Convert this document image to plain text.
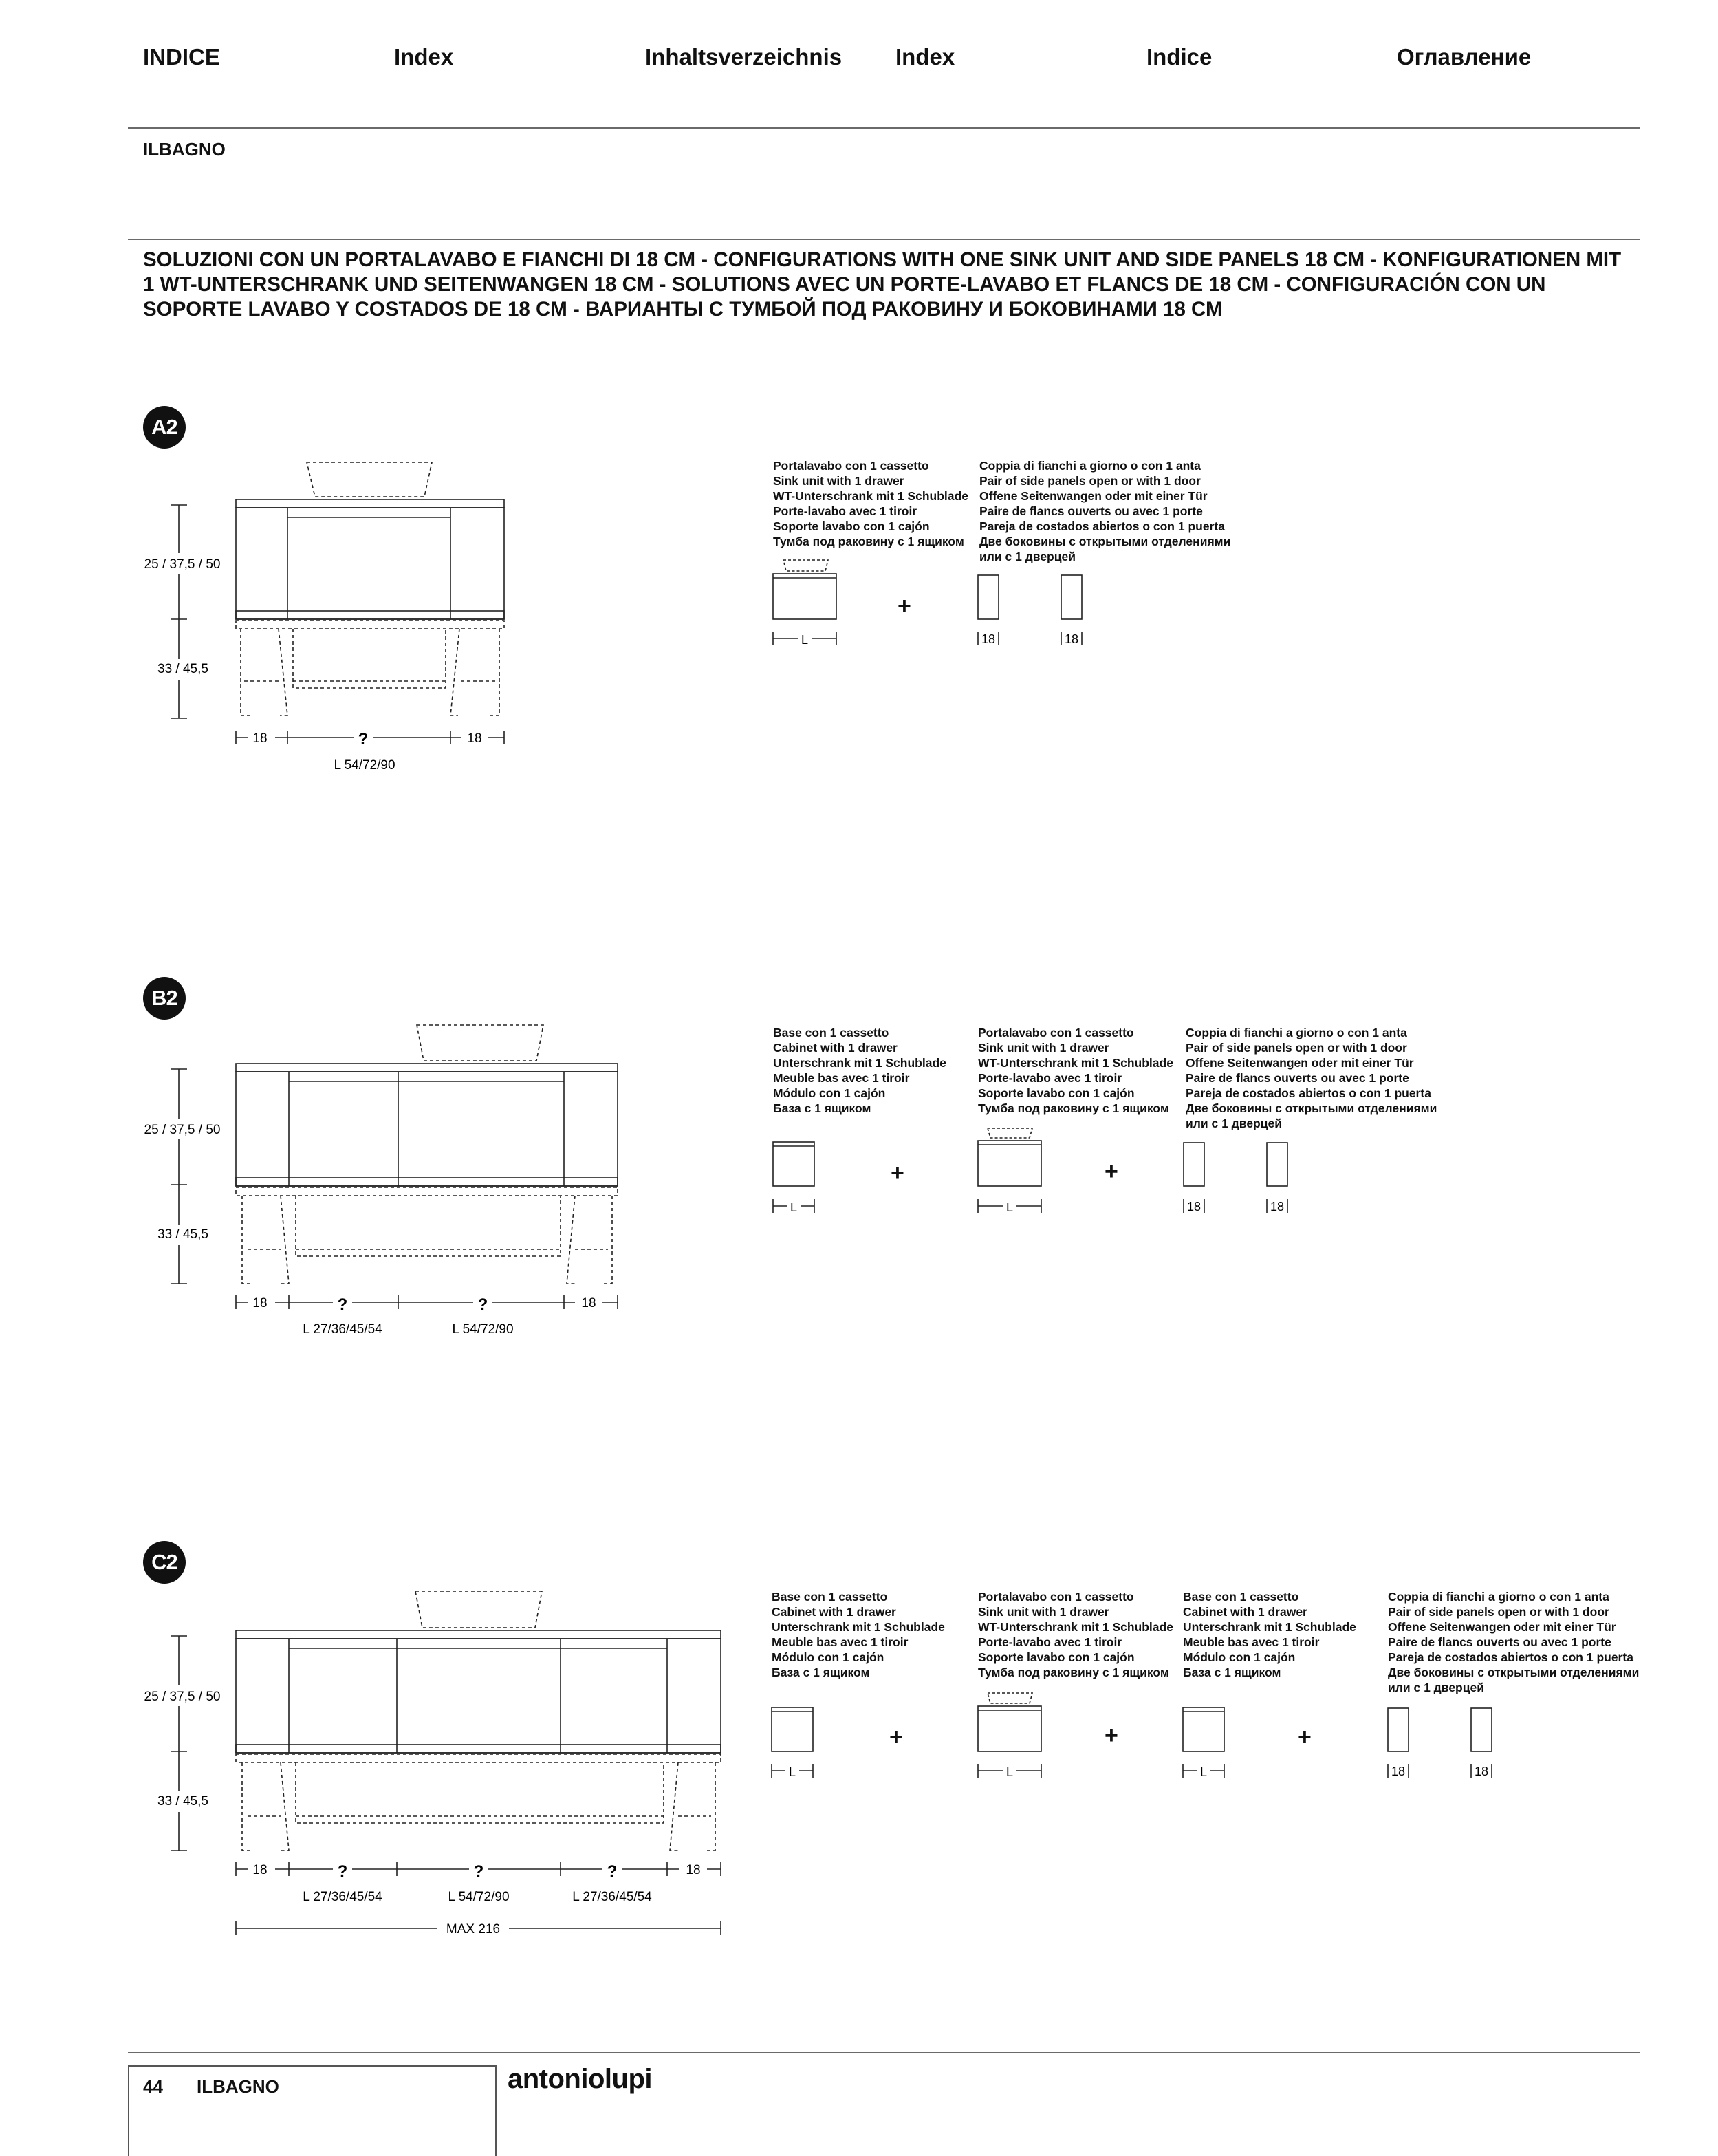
INDICE	Index	Inhaltsverzeichnis Index	Indice	Оглавление
ILBAGNO
SOLUZIONI CON UN PORTALAVABO E FIANCHI DI 18 CM - CONFIGURATIONS WITH ONE SINK UNIT AND SIDE PANELS 18 CM - KONFIGURATIONEN MIT 1 WT-UNTERSCHRANK UND SEITENWANGEN 18 CM - SOLUTIONS AVEC UN PORTE-LAVABO ET FLANCS DE 18 CM - CONFIGURACIÓN CON UN SOPORTE LAVABO Y COSTADOS DE 18 CM - ВАРИАНТЫ С ТУМБОЙ ПОД РАКОВИНУ И БОКОВИНАМИ 18 СМ
A2
25 / 37,5 / 50
33 / 45,5
18	?	18
L 54/72/90
Portalavabo con 1 cassetto
Sink unit with 1 drawer
WT-Unterschrank mit 1 Schublade
Porte-lavabo avec 1 tiroir
Soporte lavabo con 1 cajón
Тумба под раковину с 1 ящиком
Coppia di fianchi a giorno o con 1 anta
Pair of side panels open or with 1 door
Offene Seitenwangen oder mit einer Tür
Paire de flancs ouverts ou avec 1 porte
Pareja de costados abiertos o con 1 puerta
Две боковины с открытыми отделениями
или с 1 дверцей
L	18	18
+
B2
25 / 37,5 / 50
33 / 45,5
18	?	?	18
L 27/36/45/54	L 54/72/90
Base con 1 cassetto
Cabinet with 1 drawer
Unterschrank mit 1 Schublade
Meuble bas avec 1 tiroir
Módulo con 1 cajón
База с 1 ящиком
Portalavabo con 1 cassetto
Sink unit with 1 drawer
WT-Unterschrank mit 1 Schublade
Porte-lavabo avec 1 tiroir
Soporte lavabo con 1 cajón
Тумба под раковину с 1 ящиком
Coppia di fianchi a giorno o con 1 anta
Pair of side panels open or with 1 door
Offene Seitenwangen oder mit einer Tür
Paire de flancs ouverts ou avec 1 porte
Pareja de costados abiertos o con 1 puerta
Две боковины с открытыми отделениями
или с 1 дверцей
L	L	18	18
+	+
C2
25 / 37,5 / 50
33 / 45,5
18	?	?	?	18
L 27/36/45/54	L 54/72/90	L 27/36/45/54
MAX 216
Base con 1 cassetto
Cabinet with 1 drawer
Unterschrank mit 1 Schublade
Meuble bas avec 1 tiroir
Módulo con 1 cajón
База с 1 ящиком
Portalavabo con 1 cassetto
Sink unit with 1 drawer
WT-Unterschrank mit 1 Schublade
Porte-lavabo avec 1 tiroir
Soporte lavabo con 1 cajón
Тумба под раковину с 1 ящиком
Base con 1 cassetto
Cabinet with 1 drawer
Unterschrank mit 1 Schublade
Meuble bas avec 1 tiroir
Módulo con 1 cajón
База с 1 ящиком
Coppia di fianchi a giorno o con 1 anta
Pair of side panels open or with 1 door
Offene Seitenwangen oder mit einer Tür
Paire de flancs ouverts ou avec 1 porte
Pareja de costados abiertos o con 1 puerta
Две боковины с открытыми отделениями
или с 1 дверцей
L	L	L	18	18
+	+	+
44 ILBAGNO	antoniolupi
